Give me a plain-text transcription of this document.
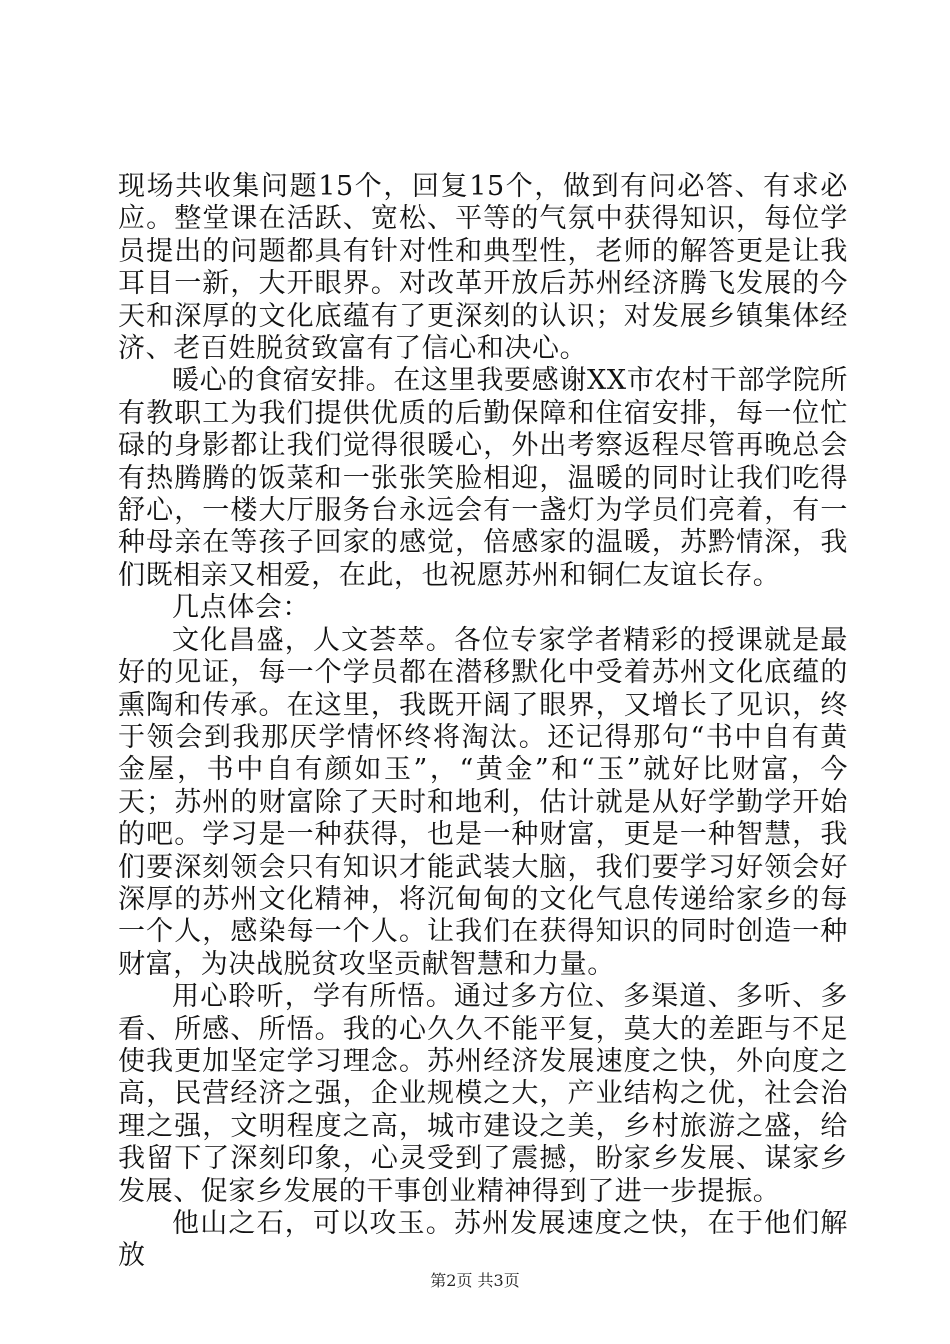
现场共收集问题15个，回复15个，做到有问必答、有求必应。整堂课在活跃、宽松、平等的气氛中获得知识，每位学员提出的问题都具有针对性和典型性，老师的解答更是让我耳目一新，大开眼界。对改革开放后苏州经济腾飞发展的今天和深厚的文化底蕴有了更深刻的认识；对发展乡镇集体经济、老百姓脱贫致富有了信心和决心。

暖心的食宿安排。在这里我要感谢XX市农村干部学院所有教职工为我们提供优质的后勤保障和住宿安排，每一位忙碌的身影都让我们觉得很暖心，外出考察返程尽管再晚总会有热腾腾的饭菜和一张张笑脸相迎，温暖的同时让我们吃得舒心，一楼大厅服务台永远会有一盏灯为学员们亮着，有一种母亲在等孩子回家的感觉，倍感家的温暖，苏黔情深，我们既相亲又相爱，在此，也祝愿苏州和铜仁友谊长存。

几点体会：

文化昌盛，人文荟萃。各位专家学者精彩的授课就是最好的见证，每一个学员都在潜移默化中受着苏州文化底蕴的熏陶和传承。在这里，我既开阔了眼界，又增长了见识，终于领会到我那厌学情怀终将淘汰。还记得那句“书中自有黄金屋，书中自有颜如玉”，“黄金”和“玉”就好比财富，今天；苏州的财富除了天时和地利，估计就是从好学勤学开始的吧。学习是一种获得，也是一种财富，更是一种智慧，我们要深刻领会只有知识才能武装大脑，我们要学习好领会好深厚的苏州文化精神，将沉甸甸的文化气息传递给家乡的每一个人，感染每一个人。让我们在获得知识的同时创造一种财富，为决战脱贫攻坚贡献智慧和力量。

用心聆听，学有所悟。通过多方位、多渠道、多听、多看、所感、所悟。我的心久久不能平复，莫大的差距与不足使我更加坚定学习理念。苏州经济发展速度之快，外向度之高，民营经济之强，企业规模之大，产业结构之优，社会治理之强，文明程度之高，城市建设之美，乡村旅游之盛，给我留下了深刻印象，心灵受到了震撼，盼家乡发展、谋家乡发展、促家乡发展的干事创业精神得到了进一步提振。

他山之石，可以攻玉。苏州发展速度之快，在于他们解放

第2页 共3页
